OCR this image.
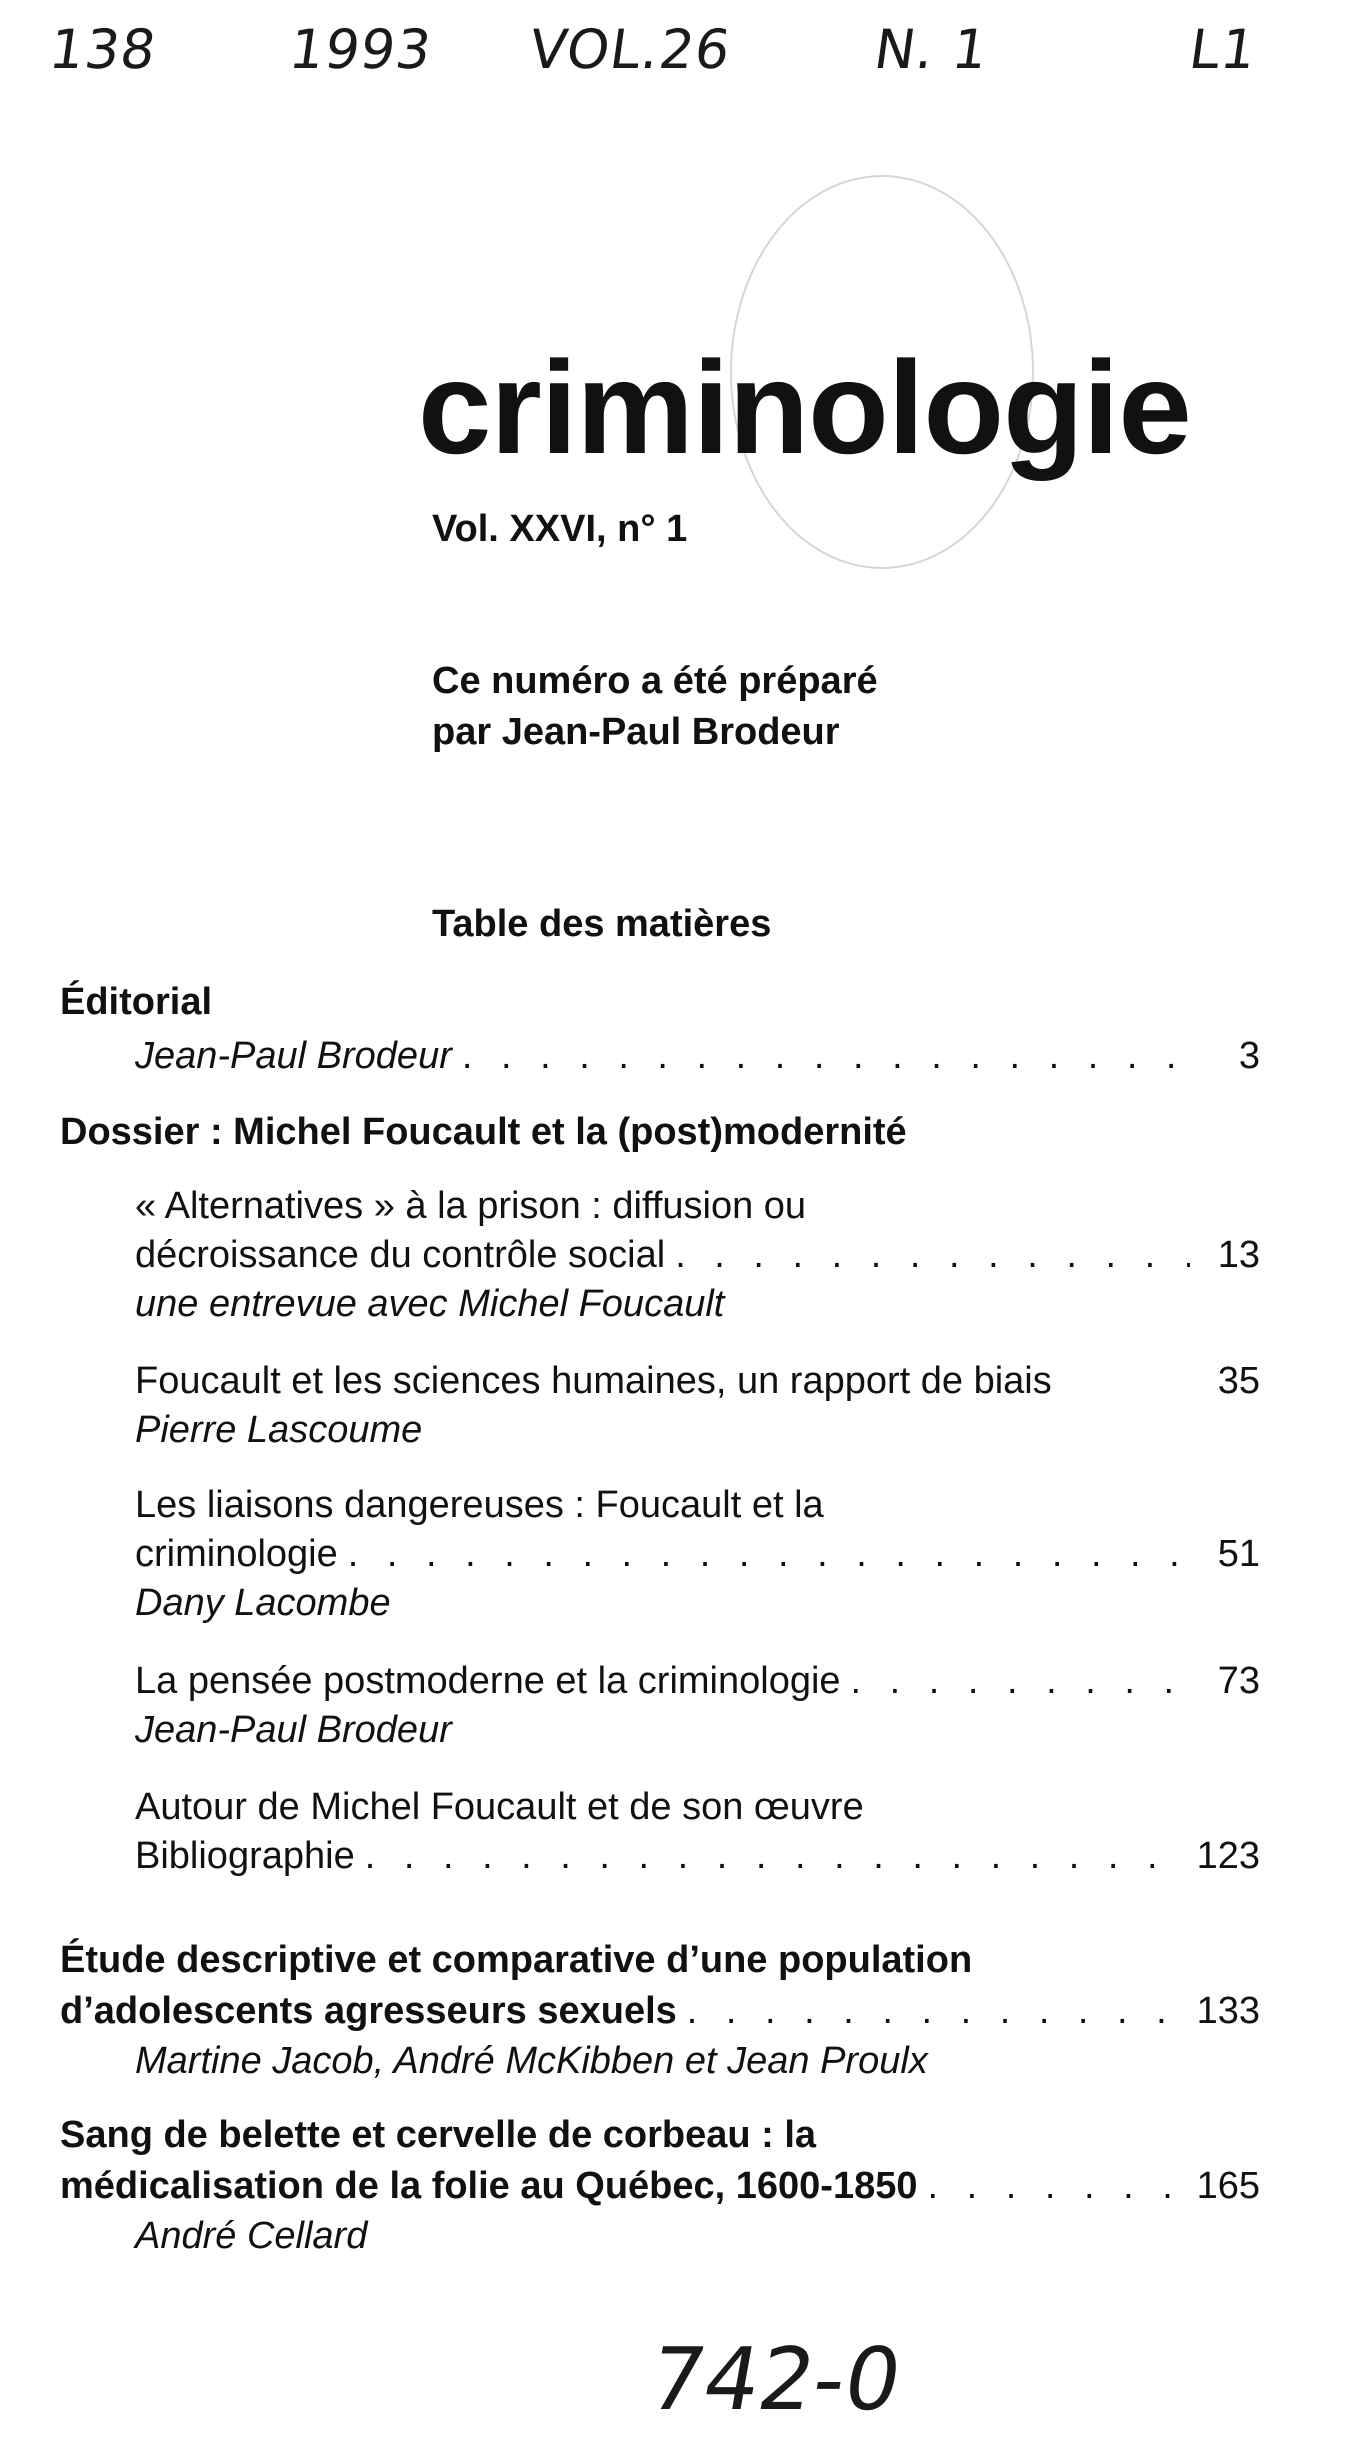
138 1993 VOL.26	N. 1	L1
criminologie
Vol. XXVI, n° 1
Ce numéro a été préparé
par Jean-Paul Brodeur
Table des matières
Éditorial
Jean-Paul Brodeur . . .	3
Dossier : Michel Foucault et la (post)modernité
« Alternatives » à la prison : diffusion ou
décroissance du contrôle social . . .	13
une entrevue avec Michel Foucault
Foucault et les sciences humaines, un rapport de biais	35
Pierre Lascoume
Les liaisons dangereuses : Foucault et la
criminologie . . .	51
Dany Lacombe
La pensée postmoderne et la criminologie . . .	73
Jean-Paul Brodeur
Autour de Michel Foucault et de son œuvre
Bibliographie . . .	123
Étude descriptive et comparative d’une population
d’adolescents agresseurs sexuels . . .	133
Martine Jacob, André McKibben et Jean Proulx
Sang de belette et cervelle de corbeau : la
médicalisation de la folie au Québec, 1600-1850 . . .	165
André Cellard
742-0
